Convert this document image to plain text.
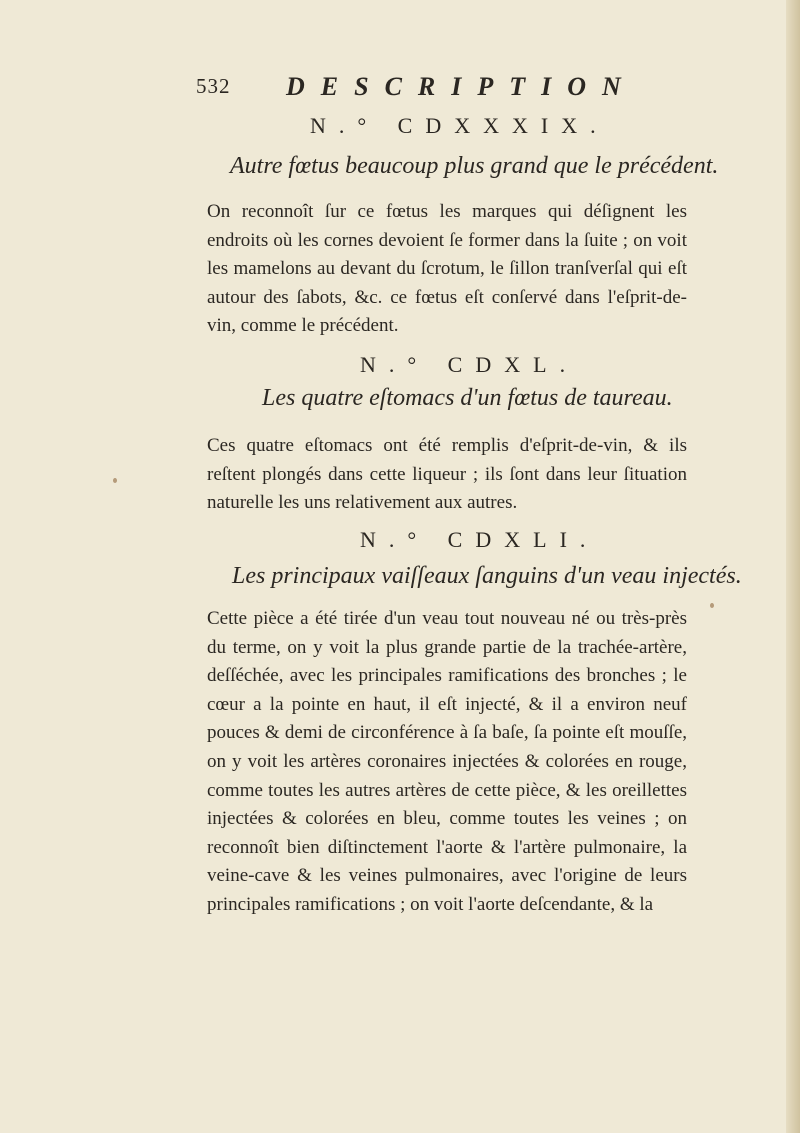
532 DESCRIPTION
N.° CDXXXIX.
Autre fœtus beaucoup plus grand que le précédent.

On reconnoît ſur ce fœtus les marques qui déſignent les endroits où les cornes devoient ſe former dans la ſuite ; on voit les mamelons au devant du ſcrotum, le ſillon tranſverſal qui eſt autour des ſabots, &c. ce fœtus eſt conſervé dans l'eſprit-de-vin, comme le précédent.

N.° CDXL.
Les quatre eſtomacs d'un fœtus de taureau.

Ces quatre eſtomacs ont été remplis d'eſprit-de-vin, & ils reſtent plongés dans cette liqueur ; ils ſont dans leur ſituation naturelle les uns relativement aux autres.

N.° CDXLI.
Les principaux vaiſſeaux ſanguins d'un veau injectés.

Cette pièce a été tirée d'un veau tout nouveau né ou très-près du terme, on y voit la plus grande partie de la trachée-artère, deſſéchée, avec les principales ramifications des bronches ; le cœur a la pointe en haut, il eſt injecté, & il a environ neuf pouces & demi de circonférence à ſa baſe, ſa pointe eſt mouſſe, on y voit les artères coronaires injectées & colorées en rouge, comme toutes les autres artères de cette pièce, & les oreillettes injectées & colorées en bleu, comme toutes les veines ; on reconnoît bien diſtinctement l'aorte & l'artère pulmonaire, la veine-cave & les veines pulmonaires, avec l'origine de leurs principales ramifications ; on voit l'aorte deſcendante, & la
